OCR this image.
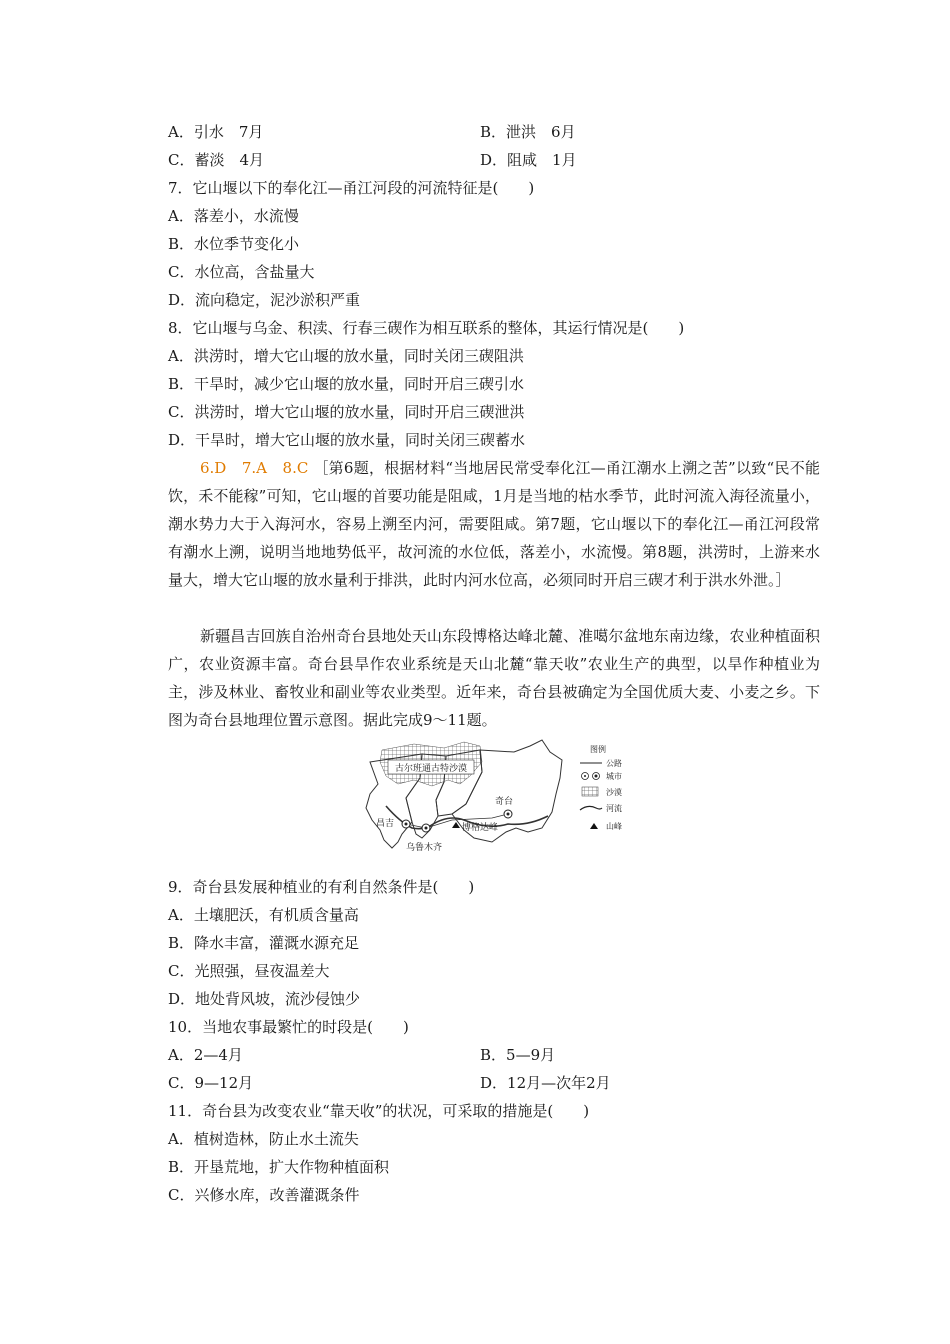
A．引水　7月	B．泄洪　6月
C．蓄淡　4月	D．阻咸　1月
7．它山堰以下的奉化江—甬江河段的河流特征是(　　)
A．落差小，水流慢
B．水位季节变化小
C．水位高，含盐量大
D．流向稳定，泥沙淤积严重
8．它山堰与乌金、积渎、行春三碶作为相互联系的整体，其运行情况是(　　)
A．洪涝时，增大它山堰的放水量，同时关闭三碶阻洪
B．干旱时，减少它山堰的放水量，同时开启三碶引水
C．洪涝时，增大它山堰的放水量，同时开启三碶泄洪
D．干旱时，增大它山堰的放水量，同时关闭三碶蓄水
6.D　7.A　8.C ［第6题，根据材料“当地居民常受奉化江—甬江潮水上溯之苦”以致“民不能饮，禾不能稼”可知，它山堰的首要功能是阻咸，1月是当地的枯水季节，此时河流入海径流量小，潮水势力大于入海河水，容易上溯至内河，需要阻咸。第7题，它山堰以下的奉化江—甬江河段常有潮水上溯，说明当地地势低平，故河流的水位低，落差小，水流慢。第8题，洪涝时，上游来水量大，增大它山堰的放水量利于排洪，此时内河水位高，必须同时开启三碶才利于洪水外泄。］
新疆昌吉回族自治州奇台县地处天山东段博格达峰北麓、准噶尔盆地东南边缘，农业种植面积广，农业资源丰富。奇台县旱作农业系统是天山北麓“靠天收”农业生产的典型，以旱作种植业为主，涉及林业、畜牧业和副业等农业类型。近年来，奇台县被确定为全国优质大麦、小麦之乡。下图为奇台县地理位置示意图。据此完成9～11题。
古尔班通古特沙漠
昌吉
乌鲁木齐
奇台
博格达峰
图例
公路
城市
沙漠
河流
山峰
9．奇台县发展种植业的有利自然条件是(　　)
A．土壤肥沃，有机质含量高
B．降水丰富，灌溉水源充足
C．光照强，昼夜温差大
D．地处背风坡，流沙侵蚀少
10．当地农事最繁忙的时段是(　　)
A．2—4月	B．5—9月
C．9—12月	D．12月—次年2月
11．奇台县为改变农业“靠天收”的状况，可采取的措施是(　　)
A．植树造林，防止水土流失
B．开垦荒地，扩大作物种植面积
C．兴修水库，改善灌溉条件
